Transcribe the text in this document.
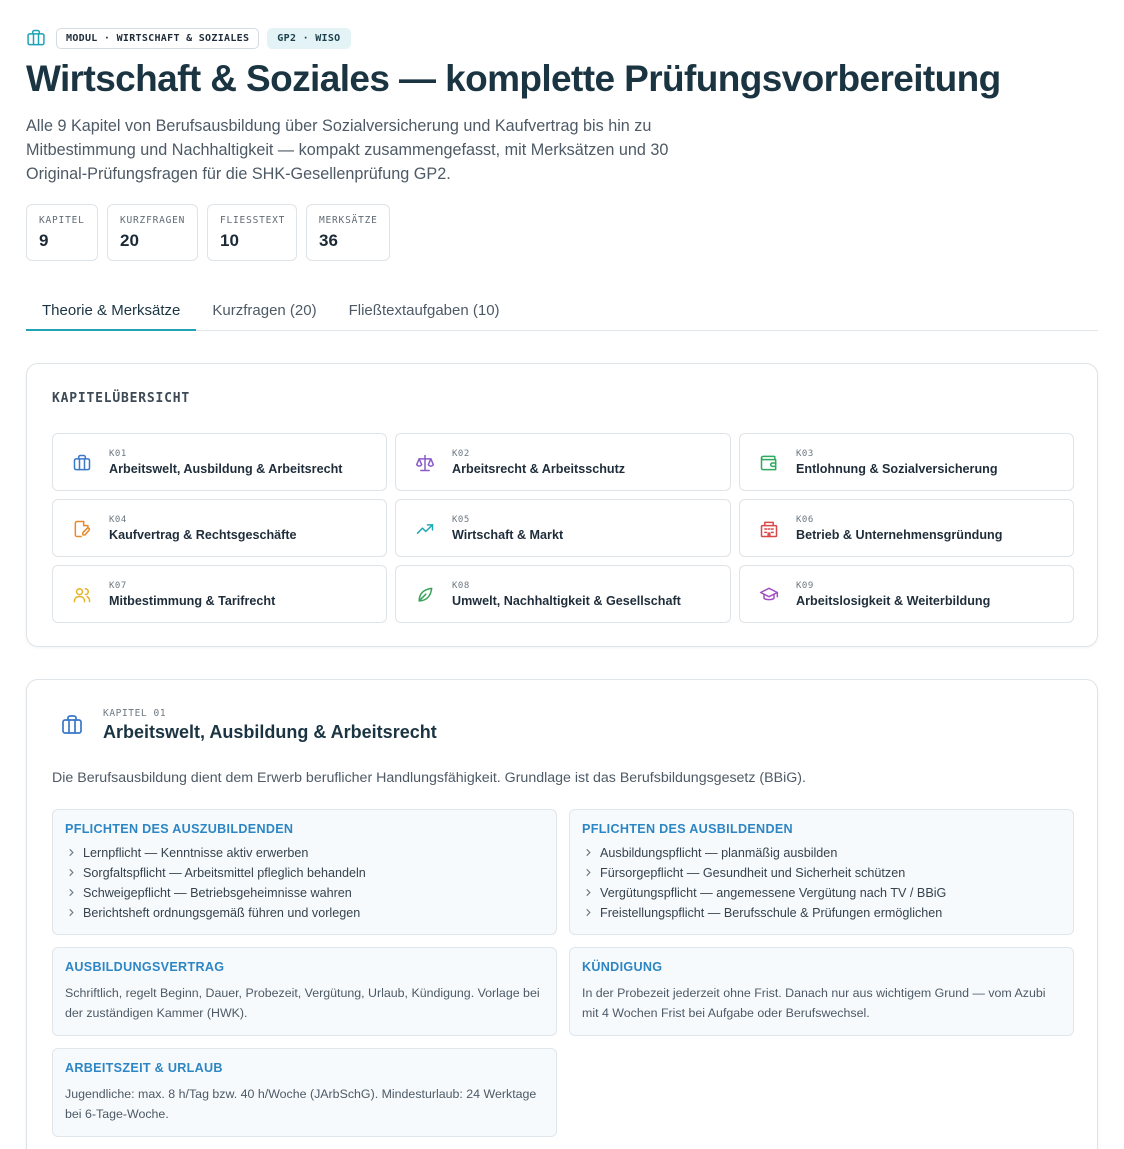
MODUL · WIRTSCHAFT & SOZIALES	GP2 · WISO
Wirtschaft & Soziales — komplette Prüfungsvorbereitung

Alle 9 Kapitel von Berufsausbildung über Sozialversicherung und Kaufvertrag bis hin zu Mitbestimmung und Nachhaltigkeit — kompakt zusammengefasst, mit Merksätzen und 30 Original-Prüfungsfragen für die SHK-Gesellenprüfung GP2.

KAPITEL
9
KURZFRAGEN
20
FLIESSTEXT
10
MERKSÄTZE
36
Theorie & Merksätze	Kurzfragen (20)	Fließtextaufgaben (10)
KAPITELÜBERSICHT
K01
Arbeitswelt, Ausbildung & Arbeitsrecht
K02
Arbeitsrecht & Arbeitsschutz
K03
Entlohnung & Sozialversicherung
K04
Kaufvertrag & Rechtsgeschäfte
K05
Wirtschaft & Markt
K06
Betrieb & Unternehmensgründung
K07
Mitbestimmung & Tarifrecht
K08
Umwelt, Nachhaltigkeit & Gesellschaft
K09
Arbeitslosigkeit & Weiterbildung
KAPITEL 01
Arbeitswelt, Ausbildung & Arbeitsrecht
Die Berufsausbildung dient dem Erwerb beruflicher Handlungsfähigkeit. Grundlage ist das Berufsbildungsgesetz (BBiG).
PFLICHTEN DES AUSZUBILDENDEN
Lernpflicht — Kenntnisse aktiv erwerben
Sorgfaltspflicht — Arbeitsmittel pfleglich behandeln
Schweigepflicht — Betriebsgeheimnisse wahren
Berichtsheft ordnungsgemäß führen und vorlegen
PFLICHTEN DES AUSBILDENDEN
Ausbildungspflicht — planmäßig ausbilden
Fürsorgepflicht — Gesundheit und Sicherheit schützen
Vergütungspflicht — angemessene Vergütung nach TV / BBiG
Freistellungspflicht — Berufsschule & Prüfungen ermöglichen
AUSBILDUNGSVERTRAG

Schriftlich, regelt Beginn, Dauer, Probezeit, Vergütung, Urlaub, Kündigung. Vorlage bei der zuständigen Kammer (HWK).

KÜNDIGUNG

In der Probezeit jederzeit ohne Frist. Danach nur aus wichtigem Grund — vom Azubi mit 4 Wochen Frist bei Aufgabe oder Berufswechsel.

ARBEITSZEIT & URLAUB

Jugendliche: max. 8 h/Tag bzw. 40 h/Woche (JArbSchG). Mindesturlaub: 24 Werktage bei 6-Tage-Woche.
